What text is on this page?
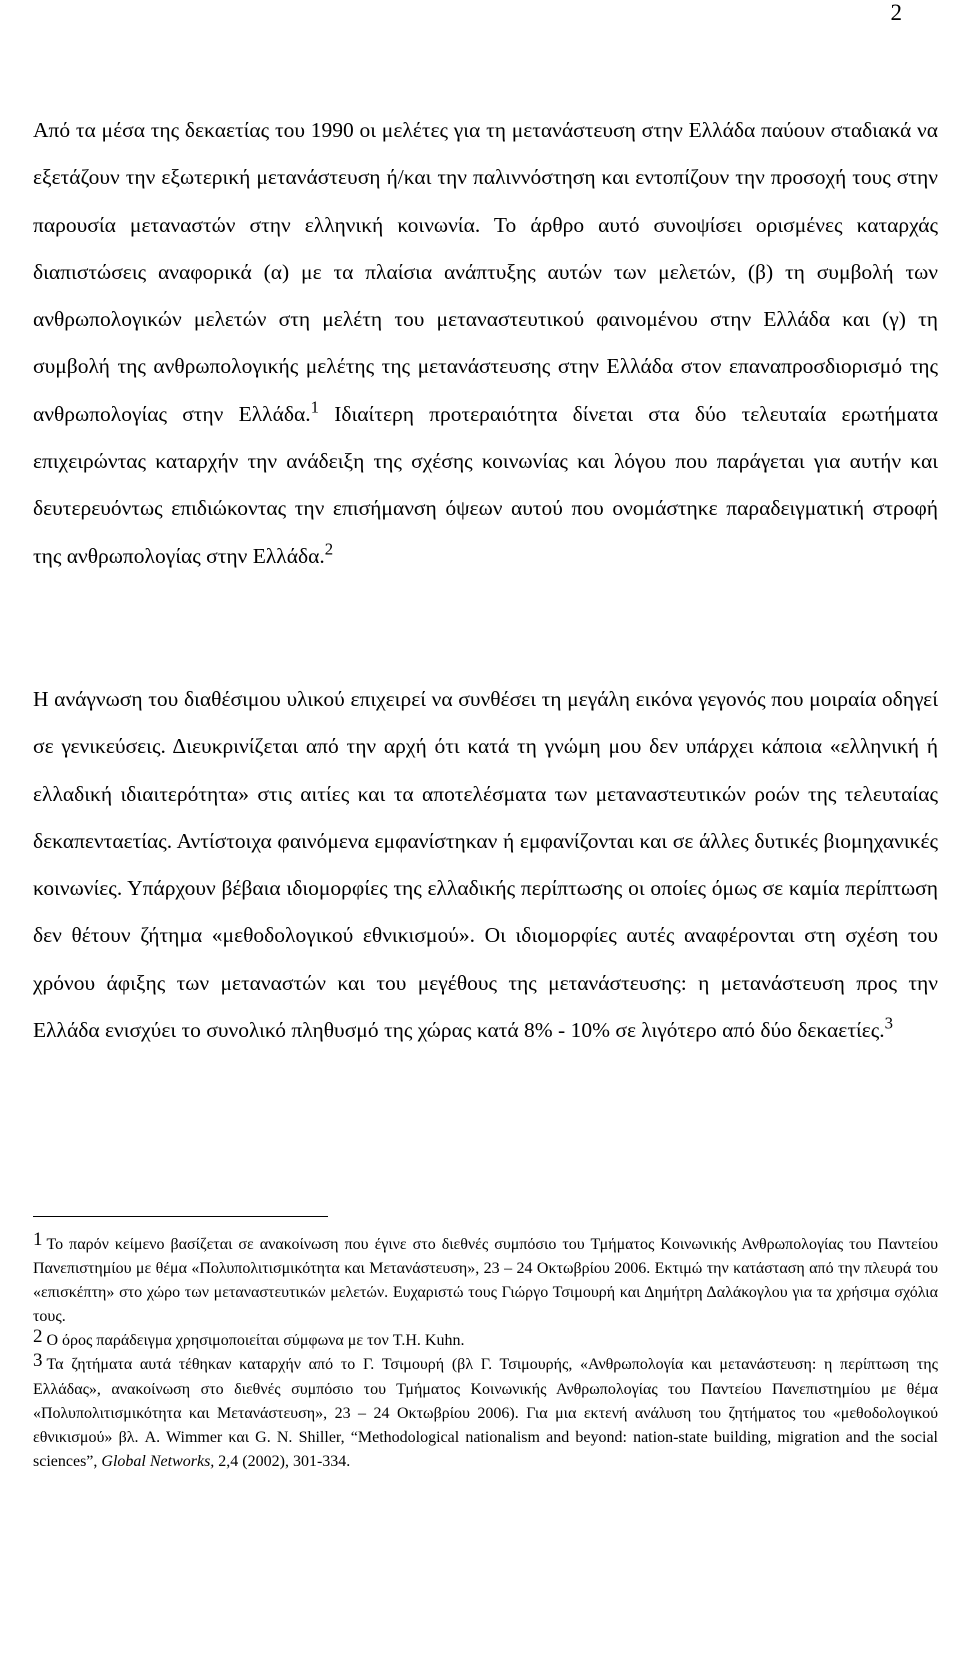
2

Από τα μέσα της δεκαετίας του 1990 οι μελέτες για τη μετανάστευση στην Ελλάδα παύουν σταδιακά να εξετάζουν την εξωτερική μετανάστευση ή/και την παλιννόστηση και εντοπίζουν την προσοχή τους στην παρουσία μεταναστών στην ελληνική κοινωνία. Το άρθρο αυτό συνοψίσει ορισμένες καταρχάς διαπιστώσεις αναφορικά (α) με τα πλαίσια ανάπτυξης αυτών των μελετών, (β) τη συμβολή των ανθρωπολογικών μελετών στη μελέτη του μεταναστευτικού φαινομένου στην Ελλάδα και (γ) τη συμβολή της ανθρωπολογικής μελέτης της μετανάστευσης στην Ελλάδα στον επαναπροσδιορισμό της ανθρωπολογίας στην Ελλάδα.$^1$ Ιδιαίτερη προτεραιότητα δίνεται στα δύο τελευταία ερωτήματα επιχειρώντας καταρχήν την ανάδειξη της σχέσης κοινωνίας και λόγου που παράγεται για αυτήν και δευτερευόντως επιδιώκοντας την επισήμανση όψεων αυτού που ονομάστηκε παραδειγματική στροφή της ανθρωπολογίας στην Ελλάδα.$^2$

Η ανάγνωση του διαθέσιμου υλικού επιχειρεί να συνθέσει τη μεγάλη εικόνα γεγονός που μοιραία οδηγεί σε γενικεύσεις. Διευκρινίζεται από την αρχή ότι κατά τη γνώμη μου δεν υπάρχει κάποια «ελληνική ή ελλαδική ιδιαιτερότητα» στις αιτίες και τα αποτελέσματα των μεταναστευτικών ροών της τελευταίας δεκαπενταετίας. Αντίστοιχα φαινόμενα εμφανίστηκαν ή εμφανίζονται και σε άλλες δυτικές βιομηχανικές κοινωνίες. Υπάρχουν βέβαια ιδιομορφίες της ελλαδικής περίπτωσης οι οποίες όμως σε καμία περίπτωση δεν θέτουν ζήτημα «μεθοδολογικού εθνικισμού». Οι ιδιομορφίες αυτές αναφέρονται στη σχέση του χρόνου άφιξης των μεταναστών και του μεγέθους της μετανάστευσης: η μετανάστευση προς την Ελλάδα ενισχύει το συνολικό πληθυσμό της χώρας κατά 8% - 10% σε λιγότερο από δύο δεκαετίες.$^3$

1 Το παρόν κείμενο βασίζεται σε ανακοίνωση που έγινε στο διεθνές συμπόσιο του Τμήματος Κοινωνικής Ανθρωπολογίας του Παντείου Πανεπιστημίου με θέμα «Πολυπολιτισμικότητα και Μετανάστευση», 23 – 24 Οκτωβρίου 2006. Εκτιμώ την κατάσταση από την πλευρά του «επισκέπτη» στο χώρο των μεταναστευτικών μελετών. Ευχαριστώ τους Γιώργο Τσιμουρή και Δημήτρη Δαλάκογλου για τα χρήσιμα σχόλια τους.

2 Ο όρος παράδειγμα χρησιμοποιείται σύμφωνα με τον T.H. Kuhn.

3 Τα ζητήματα αυτά τέθηκαν καταρχήν από το Γ. Τσιμουρή (βλ Γ. Τσιμουρής, «Ανθρωπολογία και μετανάστευση: η περίπτωση της Ελλάδας», ανακοίνωση στο διεθνές συμπόσιο του Τμήματος Κοινωνικής Ανθρωπολογίας του Παντείου Πανεπιστημίου με θέμα «Πολυπολιτισμικότητα και Μετανάστευση», 23 – 24 Οκτωβρίου 2006). Για μια εκτενή ανάλυση του ζητήματος του «μεθοδολογικού εθνικισμού» βλ. A. Wimmer και G. N. Shiller, “Methodological nationalism and beyond: nation-state building, migration and the social sciences”, Global Networks, 2,4 (2002), 301-334.
